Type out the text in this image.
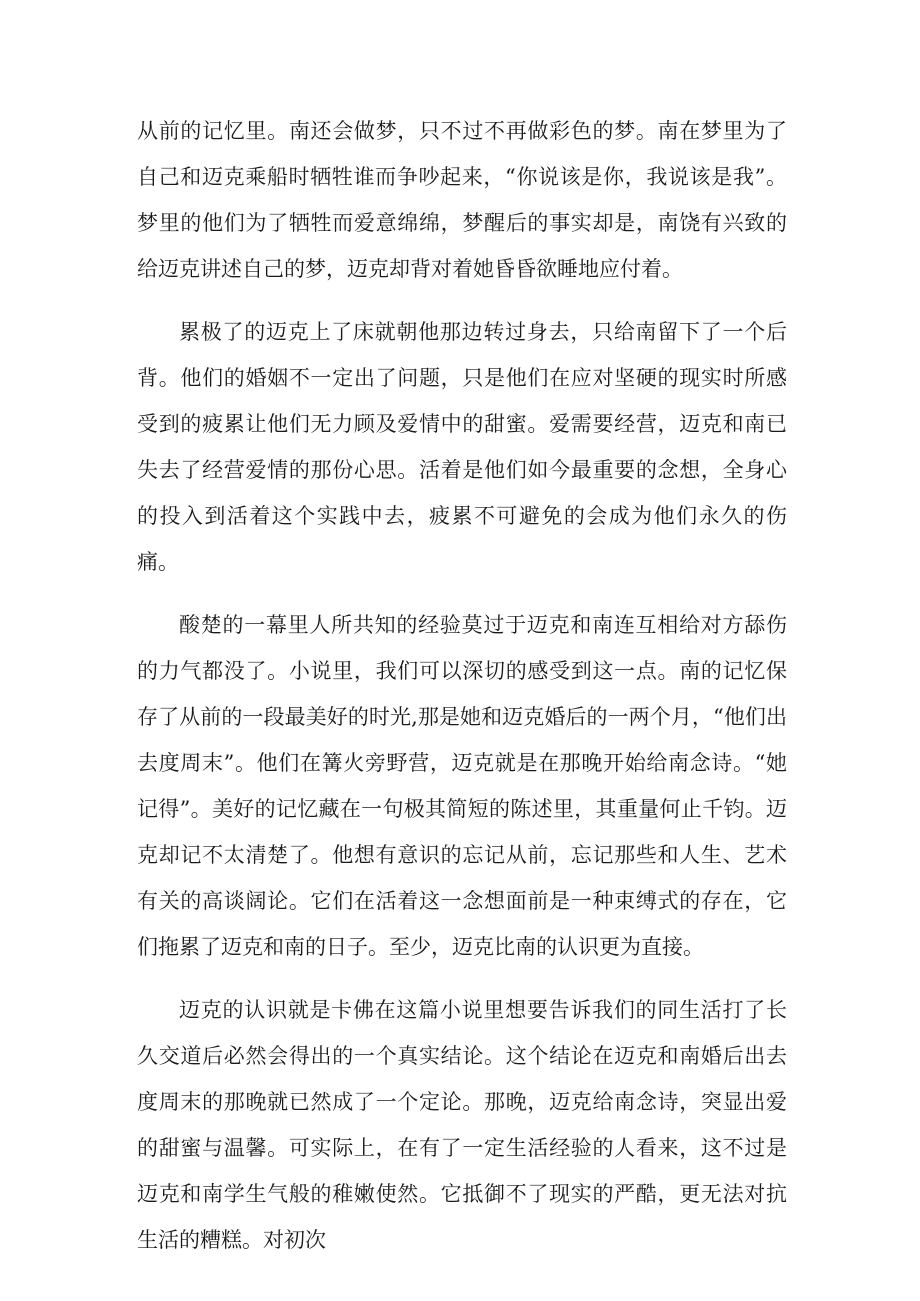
从前的记忆里。南还会做梦，只不过不再做彩色的梦。南在梦里为了自己和迈克乘船时牺牲谁而争吵起来，“你说该是你，我说该是我”。梦里的他们为了牺牲而爱意绵绵，梦醒后的事实却是，南饶有兴致的给迈克讲述自己的梦，迈克却背对着她昏昏欲睡地应付着。

累极了的迈克上了床就朝他那边转过身去，只给南留下了一个后背。他们的婚姻不一定出了问题，只是他们在应对坚硬的现实时所感受到的疲累让他们无力顾及爱情中的甜蜜。爱需要经营，迈克和南已失去了经营爱情的那份心思。活着是他们如今最重要的念想，全身心的投入到活着这个实践中去，疲累不可避免的会成为他们永久的伤痛。

酸楚的一幕里人所共知的经验莫过于迈克和南连互相给对方舔伤的力气都没了。小说里，我们可以深切的感受到这一点。南的记忆保存了从前的一段最美好的时光,那是她和迈克婚后的一两个月，“他们出去度周末”。他们在篝火旁野营，迈克就是在那晚开始给南念诗。“她记得”。美好的记忆藏在一句极其简短的陈述里，其重量何止千钧。迈克却记不太清楚了。他想有意识的忘记从前，忘记那些和人生、艺术有关的高谈阔论。它们在活着这一念想面前是一种束缚式的存在，它们拖累了迈克和南的日子。至少，迈克比南的认识更为直接。

迈克的认识就是卡佛在这篇小说里想要告诉我们的同生活打了长久交道后必然会得出的一个真实结论。这个结论在迈克和南婚后出去度周末的那晚就已然成了一个定论。那晚，迈克给南念诗，突显出爱的甜蜜与温馨。可实际上，在有了一定生活经验的人看来，这不过是迈克和南学生气般的稚嫩使然。它抵御不了现实的严酷，更无法对抗生活的糟糕。对初次
